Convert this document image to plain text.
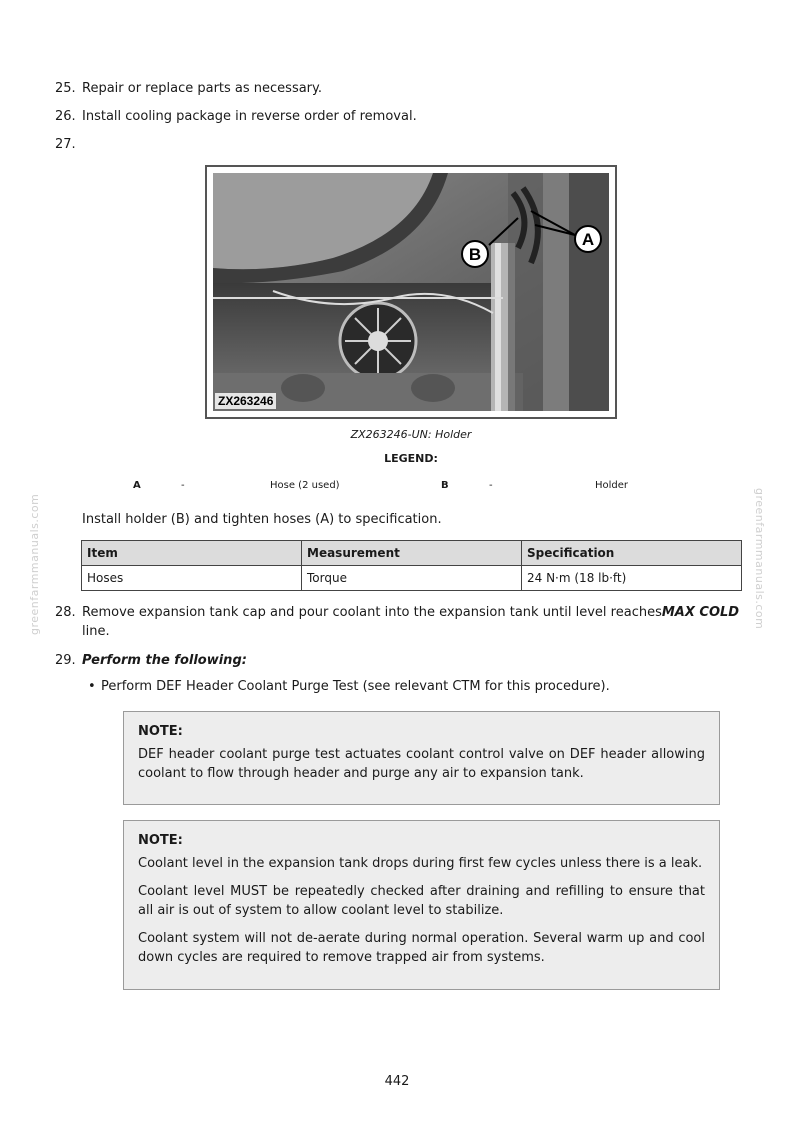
greenfarmmanuals.com	greenfarmmanuals.com
25. Repair or replace parts as necessary.
26. Install cooling package in reverse order of removal.
27.
B
A
ZX263246
ZX263246-UN: Holder
LEGEND:
A	-	Hose (2 used)	B	-	Holder
Install holder (B) and tighten hoses (A) to specification.
Item	Measurement	Specification
Hoses	Torque	24 N·m (18 lb·ft)
28. Remove expansion tank cap and pour coolant into the expansion tank until level reachesMAX COLD
line.
29. Perform the following:
• Perform DEF Header Coolant Purge Test (see relevant CTM for this procedure).
NOTE:

DEF header coolant purge test actuates coolant control valve on DEF header allowing coolant to flow through header and purge any air to expansion tank.

NOTE:

Coolant level in the expansion tank drops during first few cycles unless there is a leak.

Coolant level MUST be repeatedly checked after draining and refilling to ensure that all air is out of system to allow coolant level to stabilize.

Coolant system will not de-aerate during normal operation. Several warm up and cool down cycles are required to remove trapped air from systems.

442
